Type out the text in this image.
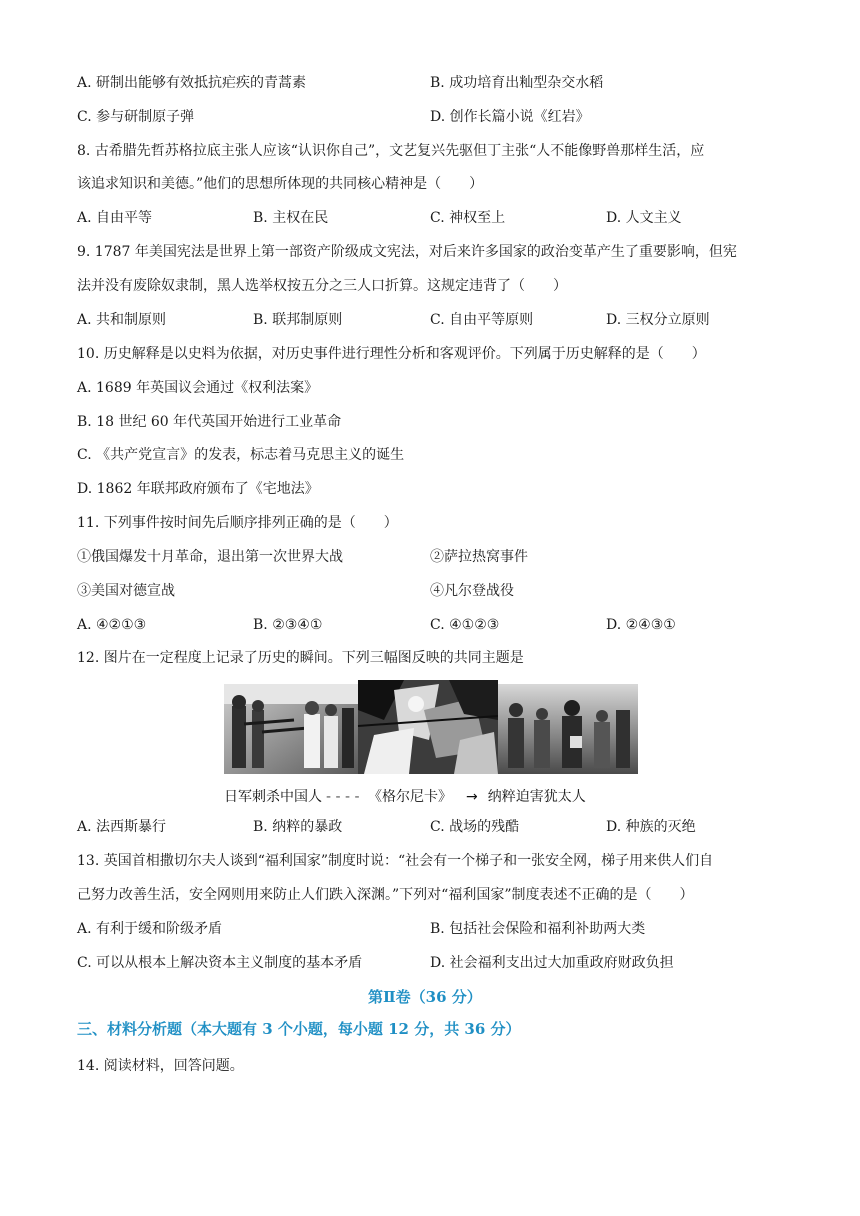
A. 研制出能够有效抵抗疟疾的青蒿素	B. 成功培育出籼型杂交水稻
C. 参与研制原子弹	D. 创作长篇小说《红岩》
8. 古希腊先哲苏格拉底主张人应该“认识你自己”，文艺复兴先驱但丁主张“人不能像野兽那样生活，应
该追求知识和美德。”他们的思想所体现的共同核心精神是（　　）
A. 自由平等	B. 主权在民	C. 神权至上	D. 人文主义
9. 1787 年美国宪法是世界上第一部资产阶级成文宪法，对后来许多国家的政治变革产生了重要影响，但宪
法并没有废除奴隶制，黑人选举权按五分之三人口折算。这规定违背了（　　）
A. 共和制原则	B. 联邦制原则	C. 自由平等原则	D. 三权分立原则
10. 历史解释是以史料为依据，对历史事件进行理性分析和客观评价。下列属于历史解释的是（　　）
A. 1689 年英国议会通过《权利法案》
B. 18 世纪 60 年代英国开始进行工业革命
C. 《共产党宣言》的发表，标志着马克思主义的诞生
D. 1862 年联邦政府颁布了《宅地法》
11. 下列事件按时间先后顺序排列正确的是（　　）
①俄国爆发十月革命，退出第一次世界大战	②萨拉热窝事件
③美国对德宣战	④凡尔登战役
A. ④②①③	B. ②③④①	C. ④①②③	D. ②④③①
12. 图片在一定程度上记录了历史的瞬间。下列三幅图反映的共同主题是
日军刺杀中国人 - - - - 《格尔尼卡》 → 纳粹迫害犹太人
A. 法西斯暴行	B. 纳粹的暴政	C. 战场的残酷	D. 种族的灭绝
13. 英国首相撒切尔夫人谈到“福利国家”制度时说：“社会有一个梯子和一张安全网，梯子用来供人们自
己努力改善生活，安全网则用来防止人们跌入深渊。”下列对“福利国家”制度表述不正确的是（　　）
A. 有利于缓和阶级矛盾	B. 包括社会保险和福利补助两大类
C. 可以从根本上解决资本主义制度的基本矛盾	D. 社会福利支出过大加重政府财政负担
第Ⅱ卷（36 分）
三、材料分析题（本大题有 3 个小题，每小题 12 分，共 36 分）
14. 阅读材料，回答问题。
